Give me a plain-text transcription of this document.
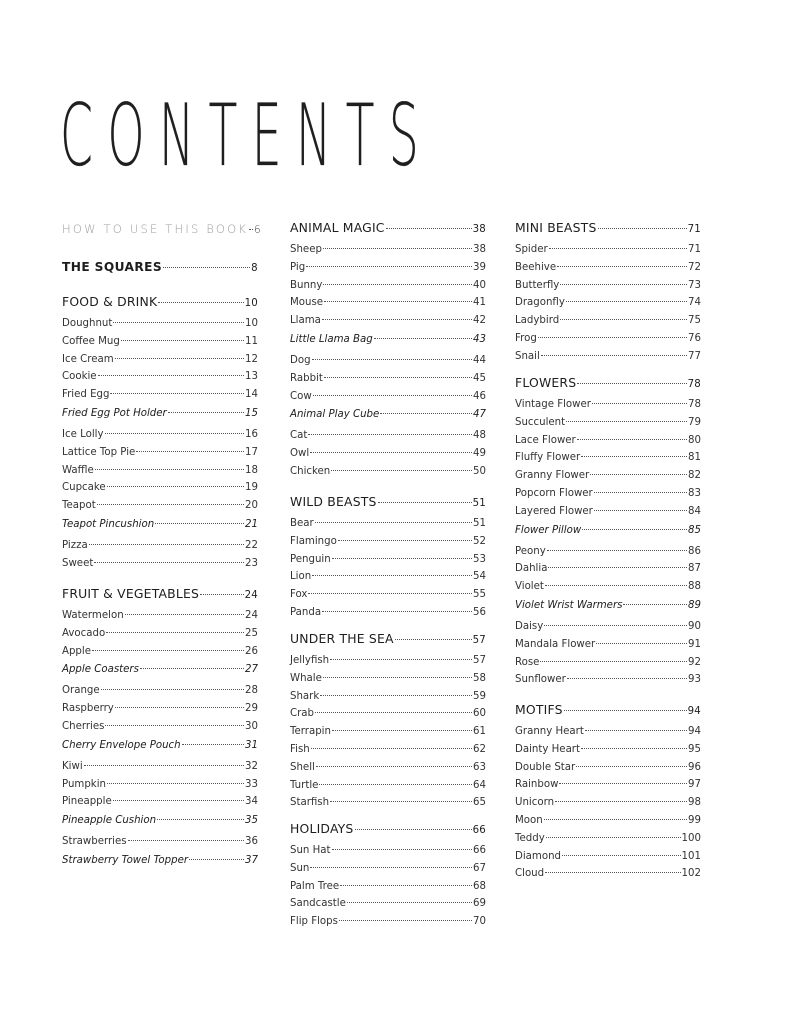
CONTENTS
HOW TO USE THIS BOOK 6
THE SQUARES	8
FOOD & DRINK	10
Doughnut	10
Coffee Mug	11
Ice Cream	12
Cookie	13
Fried Egg	14
Fried Egg Pot Holder	15
Ice Lolly	16
Lattice Top Pie	17
Waffle	18
Cupcake	19
Teapot	20
Teapot Pincushion	21
Pizza	22
Sweet	23
FRUIT & VEGETABLES	24
Watermelon	24
Avocado	25
Apple	26
Apple Coasters	27
Orange	28
Raspberry	29
Cherries	30
Cherry Envelope Pouch	31
Kiwi	32
Pumpkin	33
Pineapple	34
Pineapple Cushion	35
Strawberries	36
Strawberry Towel Topper	37
ANIMAL MAGIC	38
Sheep	38
Pig	39
Bunny	40
Mouse	41
Llama	42
Little Llama Bag	43
Dog	44
Rabbit	45
Cow	46
Animal Play Cube	47
Cat	48
Owl	49
Chicken	50
WILD BEASTS	51
Bear	51
Flamingo	52
Penguin	53
Lion	54
Fox	55
Panda	56
UNDER THE SEA	57
Jellyfish	57
Whale	58
Shark	59
Crab	60
Terrapin	61
Fish	62
Shell	63
Turtle	64
Starfish	65
HOLIDAYS	66
Sun Hat	66
Sun	67
Palm Tree	68
Sandcastle	69
Flip Flops	70
MINI BEASTS	71
Spider	71
Beehive	72
Butterfly	73
Dragonfly	74
Ladybird	75
Frog	76
Snail	77
FLOWERS	78
Vintage Flower	78
Succulent	79
Lace Flower	80
Fluffy Flower	81
Granny Flower	82
Popcorn Flower	83
Layered Flower	84
Flower Pillow	85
Peony	86
Dahlia	87
Violet	88
Violet Wrist Warmers	89
Daisy	90
Mandala Flower	91
Rose	92
Sunflower	93
MOTIFS	94
Granny Heart	94
Dainty Heart	95
Double Star	96
Rainbow	97
Unicorn	98
Moon	99
Teddy	100
Diamond	101
Cloud	102
